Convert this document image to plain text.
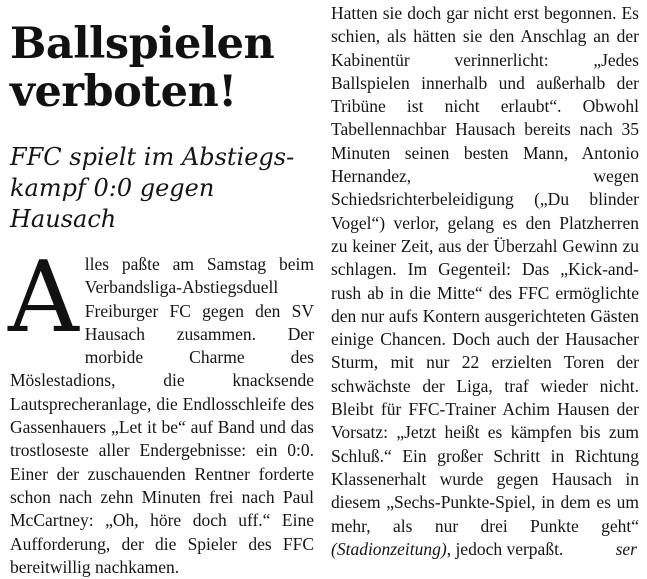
Ballspielen
verboten!
FFC spielt im Abstiegs-
kampf 0:0 gegen Hausach

Alles paßte am Samstag beim Verbandsliga-Abstiegsduell Freiburger FC gegen den SV Hausach zusammen. Der morbide Charme des Möslestadions, die knacksende Lautsprecheranlage, die Endlosschleife des Gassenhauers „Let it be“ auf Band und das trostloseste aller Endergebnisse: ein 0:0. Einer der zuschauenden Rentner forderte schon nach zehn Minuten frei nach Paul McCartney: „Oh, höre doch uff.“ Eine Aufforderung, der die Spieler des FFC bereitwillig nachkamen.

Hatten sie doch gar nicht erst begonnen. Es schien, als hätten sie den Anschlag an der Kabinentür verinnerlicht: „Jedes Ballspielen innerhalb und außerhalb der Tribüne ist nicht erlaubt“. Obwohl Tabellennachbar Hausach bereits nach 35 Minuten seinen besten Mann, Antonio Hernandez, wegen Schiedsrichterbeleidigung („Du blinder Vogel“) verlor, gelang es den Platzherren zu keiner Zeit, aus der Überzahl Gewinn zu schlagen. Im Gegenteil: Das „Kick-and-rush ab in die Mitte“ des FFC ermöglichte den nur aufs Kontern ausgerichteten Gästen einige Chancen. Doch auch der Hausacher Sturm, mit nur 22 erzielten Toren der schwächste der Liga, traf wieder nicht. Bleibt für FFC-Trainer Achim Hausen der Vorsatz: „Jetzt heißt es kämpfen bis zum Schluß.“ Ein großer Schritt in Richtung Klassenerhalt wurde gegen Hausach in diesem „Sechs-Punkte-Spiel, in dem es um mehr, als nur drei Punkte geht“ (Stadionzeitung), jedoch verpaßt.	ser
